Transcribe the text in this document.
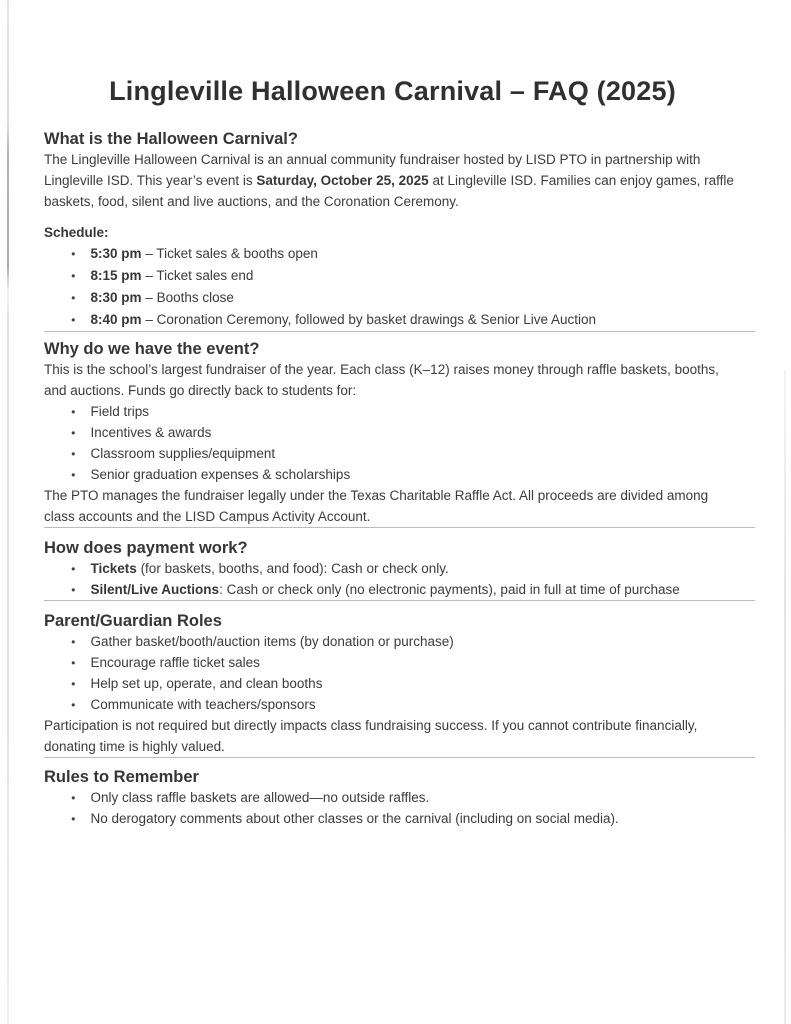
Lingleville Halloween Carnival – FAQ (2025)
What is the Halloween Carnival?

The Lingleville Halloween Carnival is an annual community fundraiser hosted by LISD PTO in partnership with Lingleville ISD. This year’s event is Saturday, October 25, 2025 at Lingleville ISD. Families can enjoy games, raffle baskets, food, silent and live auctions, and the Coronation Ceremony.

Schedule:

● 5:30 pm – Ticket sales & booths open
● 8:15 pm – Ticket sales end
● 8:30 pm – Booths close
● 8:40 pm – Coronation Ceremony, followed by basket drawings & Senior Live Auction
Why do we have the event?

This is the school’s largest fundraiser of the year. Each class (K–12) raises money through raffle baskets, booths, and auctions. Funds go directly back to students for:

● Field trips
● Incentives & awards
● Classroom supplies/equipment
● Senior graduation expenses & scholarships

The PTO manages the fundraiser legally under the Texas Charitable Raffle Act. All proceeds are divided among class accounts and the LISD Campus Activity Account.

How does payment work?
● Tickets (for baskets, booths, and food): Cash or check only.
● Silent/Live Auctions: Cash or check only (no electronic payments), paid in full at time of purchase
Parent/Guardian Roles
● Gather basket/booth/auction items (by donation or purchase)
● Encourage raffle ticket sales
● Help set up, operate, and clean booths
● Communicate with teachers/sponsors

Participation is not required but directly impacts class fundraising success. If you cannot contribute financially, donating time is highly valued.

Rules to Remember
● Only class raffle baskets are allowed—no outside raffles.
● No derogatory comments about other classes or the carnival (including on social media).
